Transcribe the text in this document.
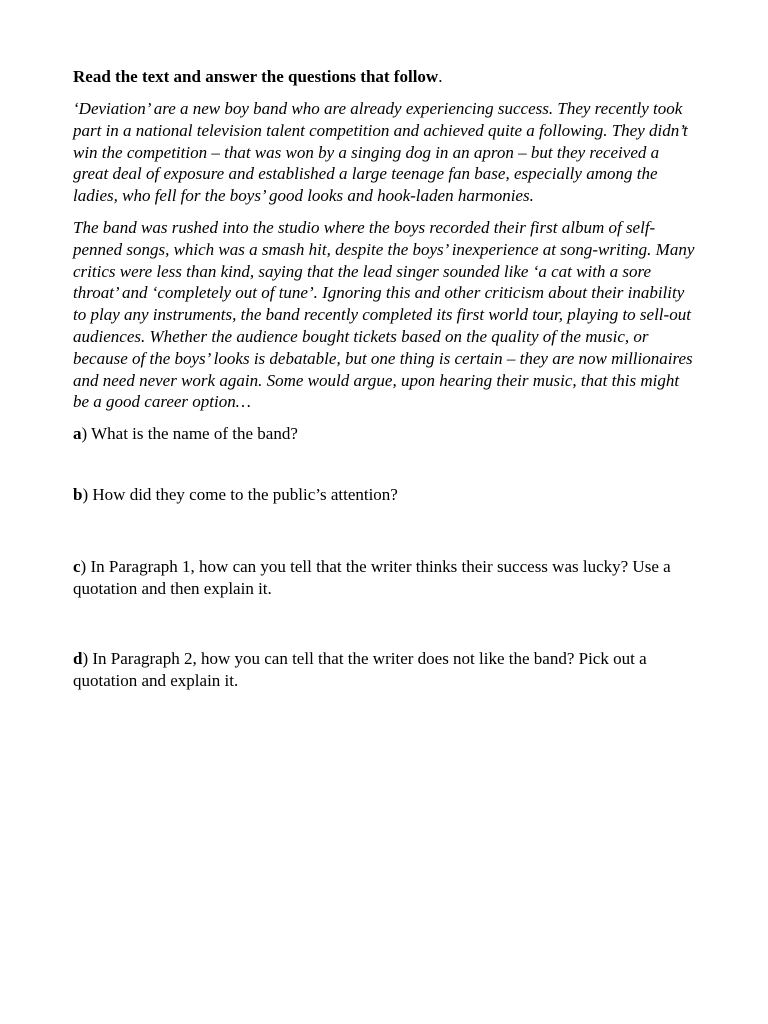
Read the text and answer the questions that follow.

‘Deviation’ are a new boy band who are already experiencing success. They recently took part in a national television talent competition and achieved quite a following. They didn’t win the competition – that was won by a singing dog in an apron – but they received a great deal of exposure and established a large teenage fan base, especially among the ladies, who fell for the boys’ good looks and hook-laden harmonies.

The band was rushed into the studio where the boys recorded their first album of self-penned songs, which was a smash hit, despite the boys’ inexperience at song-writing. Many critics were less than kind, saying that the lead singer sounded like ‘a cat with a sore throat’ and ‘completely out of tune’. Ignoring this and other criticism about their inability to play any instruments, the band recently completed its first world tour, playing to sell-out audiences. Whether the audience bought tickets based on the quality of the music, or because of the boys’ looks is debatable, but one thing is certain – they are now millionaires and need never work again. Some would argue, upon hearing their music, that this might be a good career option…

a) What is the name of the band?

b) How did they come to the public’s attention?

c) In Paragraph 1, how can you tell that the writer thinks their success was lucky? Use a quotation and then explain it.

d) In Paragraph 2, how you can tell that the writer does not like the band? Pick out a quotation and explain it.
